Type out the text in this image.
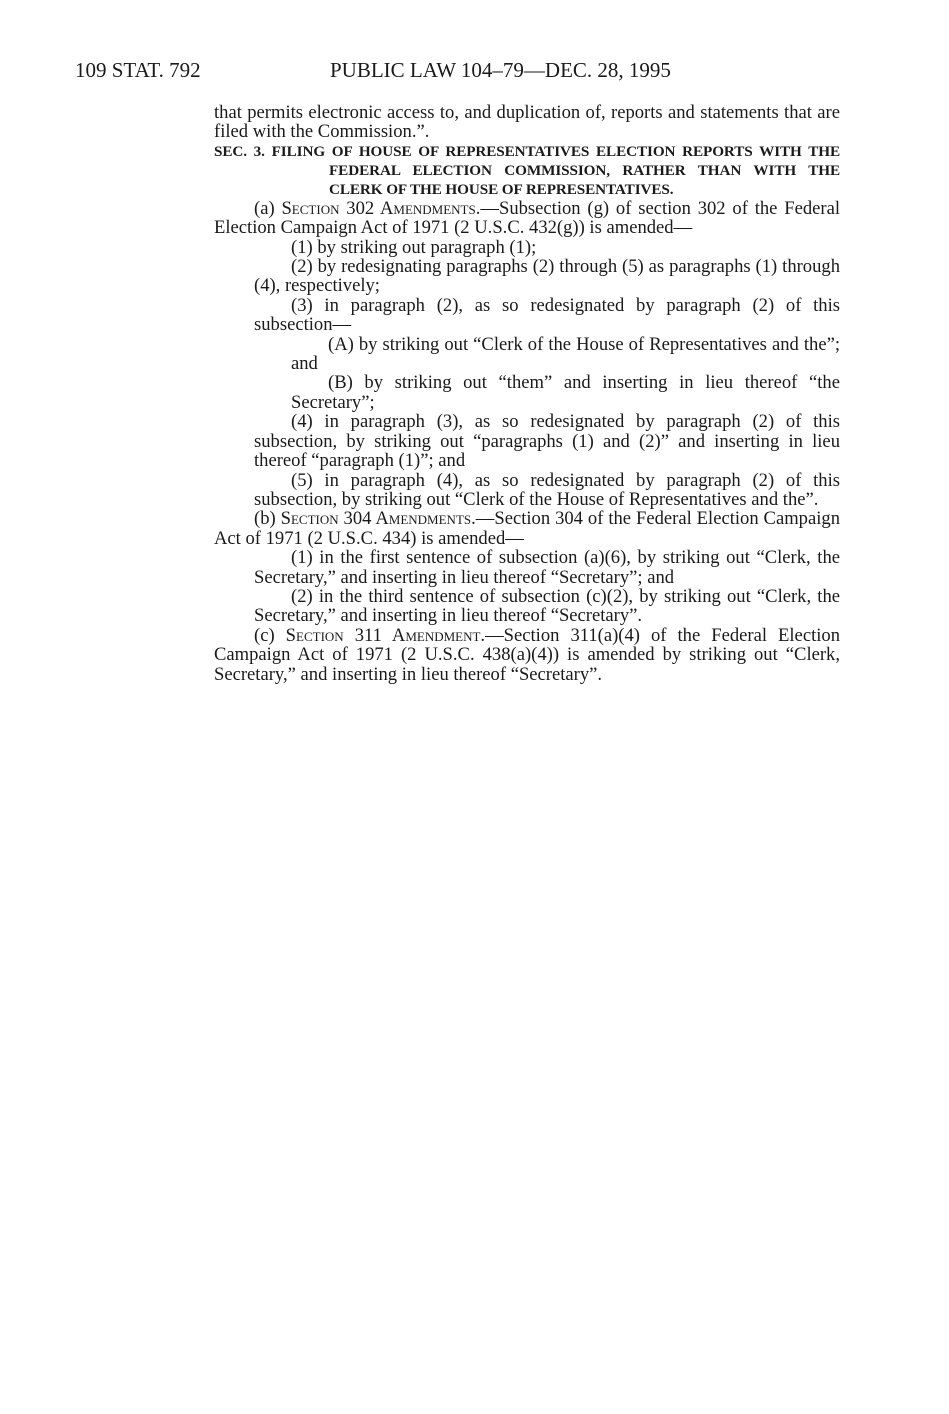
109 STAT. 792	PUBLIC LAW 104–79—DEC. 28, 1995

that permits electronic access to, and duplication of, reports and statements that are filed with the Commission.”.

SEC. 3. FILING OF HOUSE OF REPRESENTATIVES ELECTION REPORTS WITH THE FEDERAL ELECTION COMMISSION, RATHER THAN WITH THE CLERK OF THE HOUSE OF REPRESENTATIVES.

(a) Section 302 Amendments.—Subsection (g) of section 302 of the Federal Election Campaign Act of 1971 (2 U.S.C. 432(g)) is amended—

(1) by striking out paragraph (1);

(2) by redesignating paragraphs (2) through (5) as paragraphs (1) through (4), respectively;

(3) in paragraph (2), as so redesignated by paragraph (2) of this subsection—

(A) by striking out “Clerk of the House of Representatives and the”; and

(B) by striking out “them” and inserting in lieu thereof “the Secretary”;

(4) in paragraph (3), as so redesignated by paragraph (2) of this subsection, by striking out “paragraphs (1) and (2)” and inserting in lieu thereof “paragraph (1)”; and

(5) in paragraph (4), as so redesignated by paragraph (2) of this subsection, by striking out “Clerk of the House of Representatives and the”.

(b) Section 304 Amendments.—Section 304 of the Federal Election Campaign Act of 1971 (2 U.S.C. 434) is amended—

(1) in the first sentence of subsection (a)(6), by striking out “Clerk, the Secretary,” and inserting in lieu thereof “Secretary”; and

(2) in the third sentence of subsection (c)(2), by striking out “Clerk, the Secretary,” and inserting in lieu thereof “Secretary”.

(c) Section 311 Amendment.—Section 311(a)(4) of the Federal Election Campaign Act of 1971 (2 U.S.C. 438(a)(4)) is amended by striking out “Clerk, Secretary,” and inserting in lieu thereof “Secretary”.
